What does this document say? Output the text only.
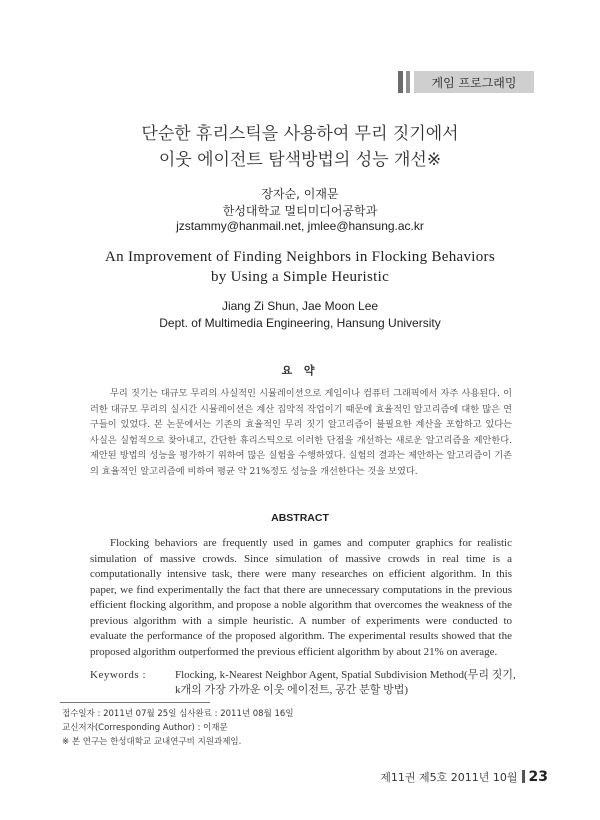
게임 프로그래밍
단순한 휴리스틱을 사용하여 무리 짓기에서
이웃 에이전트 탐색방법의 성능 개선※
장자순, 이재문
한성대학교 멀티미디어공학과
jzstammy@hanmail.net, jmlee@hansung.ac.kr
An Improvement of Finding Neighbors in Flocking Behaviors
by Using a Simple Heuristic
Jiang Zi Shun, Jae Moon Lee
Dept. of Multimedia Engineering, Hansung University
요 약
무리 짓기는 대규모 무리의 사실적인 시뮬레이션으로 게임이나 컴퓨터 그래픽에서 자주 사용된다. 이러한 대규모 무리의 실시간 시뮬레이션은 계산 집약적 작업이기 때문에 효율적인 알고리즘에 대한 많은 연구들이 있었다. 본 논문에서는 기존의 효율적인 무리 짓기 알고리즘이 불필요한 계산을 포함하고 있다는 사실은 실험적으로 찾아내고, 간단한 휴리스틱으로 이러한 단점을 개선하는 새로운 알고리즘을 제안한다. 제안된 방법의 성능을 평가하기 위하여 많은 실험을 수행하였다. 실험의 결과는 제안하는 알고리즘이 기존의 효율적인 알고리즘에 비하여 평균 약 21%정도 성능을 개선한다는 것을 보였다.
ABSTRACT
Flocking behaviors are frequently used in games and computer graphics for realistic simulation of massive crowds. Since simulation of massive crowds in real time is a computationally intensive task, there were many researches on efficient algorithm. In this paper, we find experimentally the fact that there are unnecessary computations in the previous efficient flocking algorithm, and propose a noble algorithm that overcomes the weakness of the previous algorithm with a simple heuristic. A number of experiments were conducted to evaluate the performance of the proposed algorithm. The experimental results showed that the proposed algorithm outperformed the previous efficient algorithm by about 21% on average.
Keywords :	Flocking, k-Nearest Neighbor Agent, Spatial Subdivision Method(무리 짓기,
k개의 가장 가까운 이웃 에이전트, 공간 분할 방법)
접수일자 : 2011년 07월 25일 심사완료 : 2011년 08월 16일
교신저자(Corresponding Author) : 이재문
※ 본 연구는 한성대학교 교내연구비 지원과제임.
제11권 제5호 2011년 10월 23
